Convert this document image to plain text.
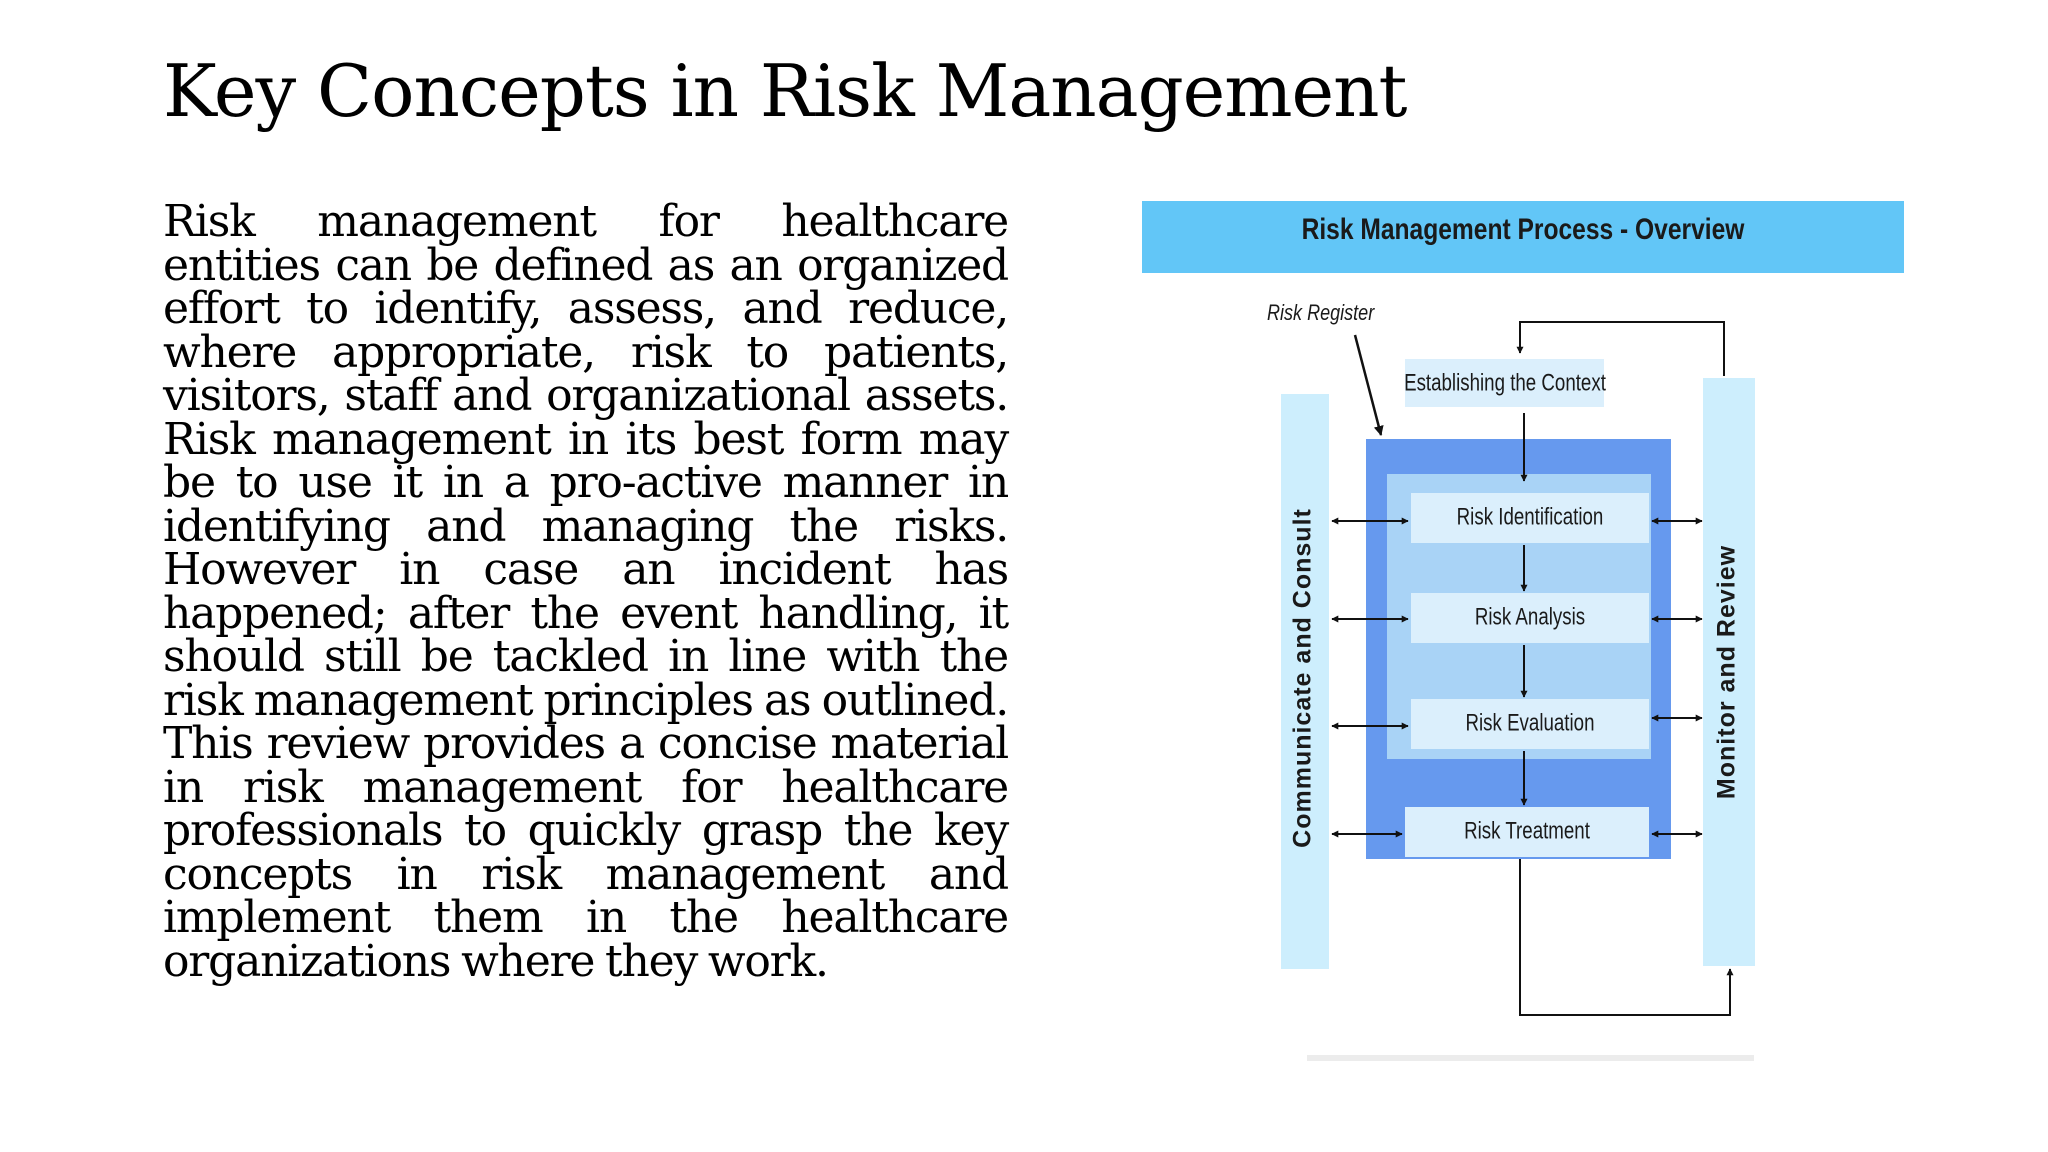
Key Concepts in Risk Management

Risk management for healthcare entities can be defined as an organized effort to identify, assess, and reduce, where appropriate, risk to patients, visitors, staff and organizational assets. Risk management in its best form may be to use it in a pro-active manner in identifying and managing the risks. However in case an incident has happened; after the event handling, it should still be tackled in line with the risk management principles as outlined. This review provides a concise material in risk management for healthcare professionals to quickly grasp the key concepts in risk management and implement them in the healthcare organizations where they work.

Risk Management Process - Overview
Communicate and Consult	Monitor and Review
Establishing the Context
Risk Identification
Risk Analysis
Risk Evaluation
Risk Treatment
Risk Register
